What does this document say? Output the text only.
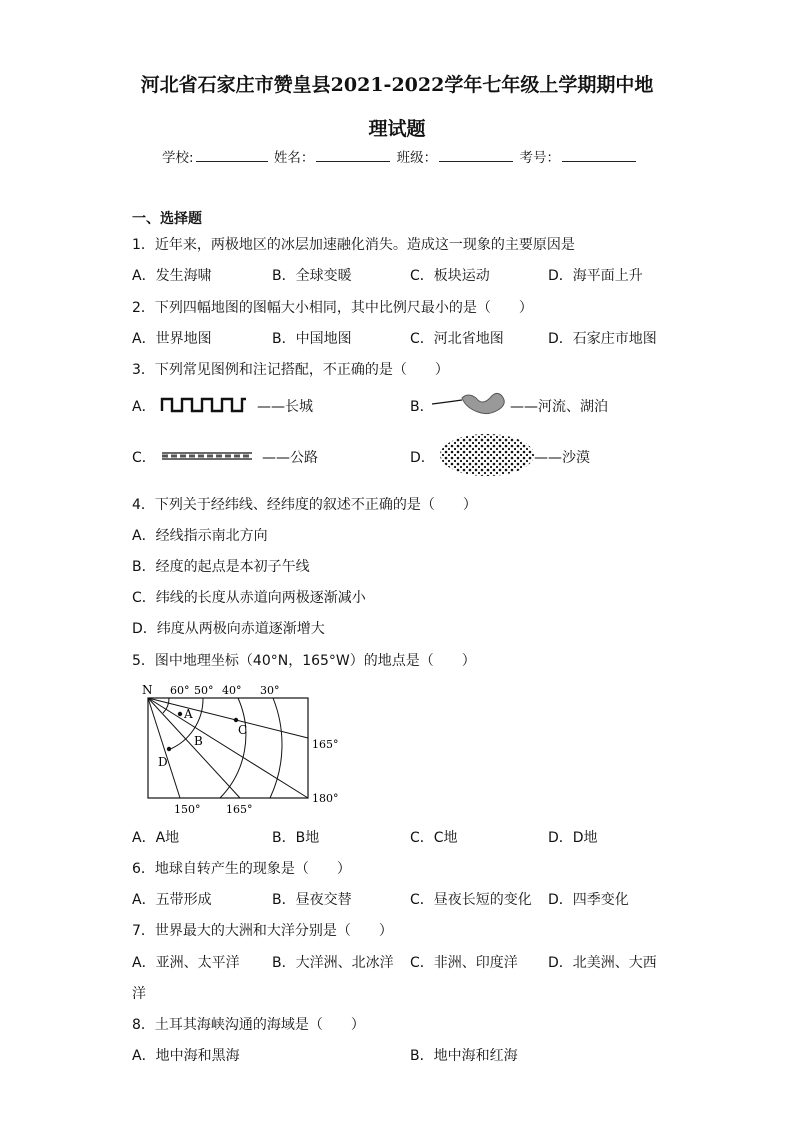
河北省石家庄市赞皇县2021-2022学年七年级上学期期中地
理试题
学校:	姓名：	班级：	考号：
一、选择题
1．近年来，两极地区的冰层加速融化消失。造成这一现象的主要原因是
A．发生海啸	B．全球变暖	C．板块运动	D．海平面上升
2．下列四幅地图的图幅大小相同，其中比例尺最小的是（　　）
A．世界地图	B．中国地图	C．河北省地图	D．石家庄市地图
3．下列常见图例和注记搭配，不正确的是（　　）
A．	——长城	B．	——河流、湖泊
C．	——公路	D．	——沙漠
4．下列关于经纬线、经纬度的叙述不正确的是（　　）
A．经线指示南北方向
B．经度的起点是本初子午线
C．纬线的长度从赤道向两极逐渐减小
D．纬度从两极向赤道逐渐增大
5．图中地理坐标（40°N，165°W）的地点是（　　）
N 60° 50° 40° 30°
A
B
C
D
150° 165°
165°
180°
A．A地	B．B地	C．C地	D．D地
6．地球自转产生的现象是（　　）
A．五带形成	B．昼夜交替	C．昼夜长短的变化 D．四季变化
7．世界最大的大洲和大洋分别是（　　）
A．亚洲、太平洋 B．大洋洲、北冰洋 C．非洲、印度洋 D．北美洲、大西
洋
8．土耳其海峡沟通的海域是（　　）
A．地中海和黑海	B．地中海和红海
